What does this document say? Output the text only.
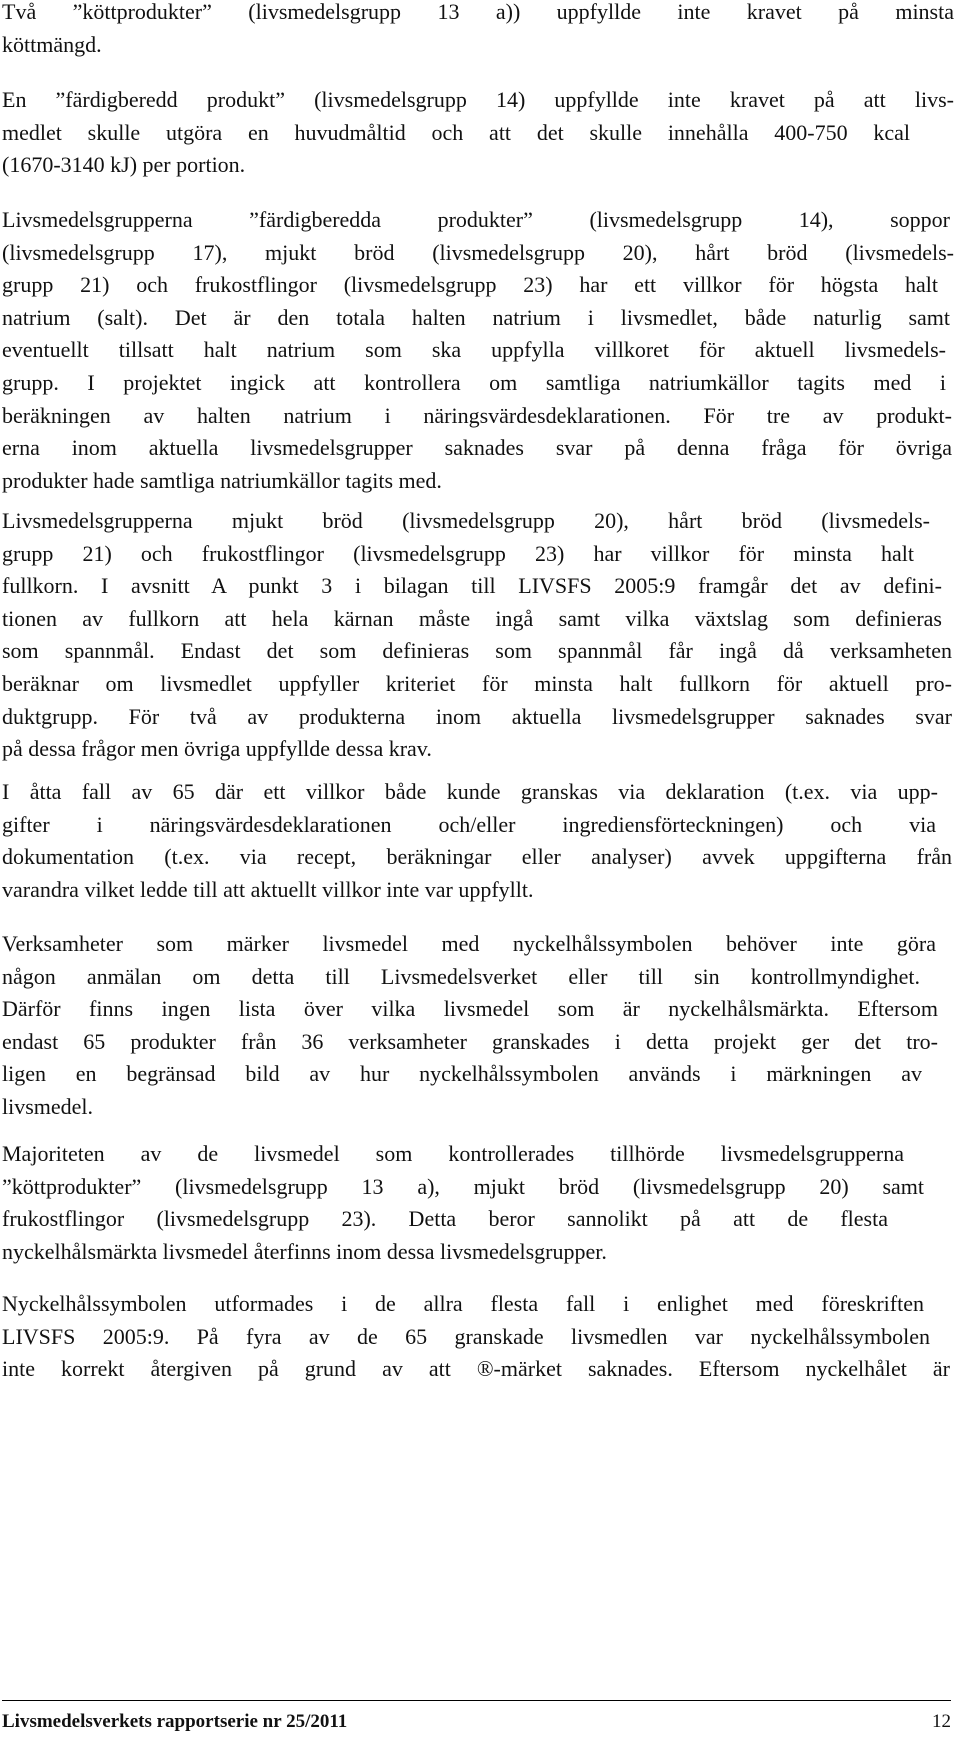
Två ”köttprodukter” (livsmedelsgrupp 13 a)) uppfyllde inte kravet på minsta
köttmängd.

En ”färdigberedd produkt” (livsmedelsgrupp 14) uppfyllde inte kravet på att livs-
medlet skulle utgöra en huvudmåltid och att det skulle innehålla 400-750 kcal
(1670-3140 kJ) per portion.

Livsmedelsgrupperna ”färdigberedda produkter” (livsmedelsgrupp 14), soppor
(livsmedelsgrupp 17), mjukt bröd (livsmedelsgrupp 20), hårt bröd (livsmedels-
grupp 21) och frukostflingor (livsmedelsgrupp 23) har ett villkor för högsta halt
natrium (salt). Det är den totala halten natrium i livsmedlet, både naturlig samt
eventuellt tillsatt halt natrium som ska uppfylla villkoret för aktuell livsmedels-
grupp. I projektet ingick att kontrollera om samtliga natriumkällor tagits med i
beräkningen av halten natrium i näringsvärdesdeklarationen. För tre av produkt-
erna inom aktuella livsmedelsgrupper saknades svar på denna fråga för övriga
produkter hade samtliga natriumkällor tagits med.

Livsmedelsgrupperna mjukt bröd (livsmedelsgrupp 20), hårt bröd (livsmedels-
grupp 21) och frukostflingor (livsmedelsgrupp 23) har villkor för minsta halt
fullkorn. I avsnitt A punkt 3 i bilagan till LIVSFS 2005:9 framgår det av defini-
tionen av fullkorn att hela kärnan måste ingå samt vilka växtslag som definieras
som spannmål. Endast det som definieras som spannmål får ingå då verksamheten
beräknar om livsmedlet uppfyller kriteriet för minsta halt fullkorn för aktuell pro-
duktgrupp. För två av produkterna inom aktuella livsmedelsgrupper saknades svar
på dessa frågor men övriga uppfyllde dessa krav.

I åtta fall av 65 där ett villkor både kunde granskas via deklaration (t.ex. via upp-
gifter i näringsvärdesdeklarationen och/eller ingrediensförteckningen) och via
dokumentation (t.ex. via recept, beräkningar eller analyser) avvek uppgifterna från
varandra vilket ledde till att aktuellt villkor inte var uppfyllt.

Verksamheter som märker livsmedel med nyckelhålssymbolen behöver inte göra
någon anmälan om detta till Livsmedelsverket eller till sin kontrollmyndighet.
Därför finns ingen lista över vilka livsmedel som är nyckelhålsmärkta. Eftersom
endast 65 produkter från 36 verksamheter granskades i detta projekt ger det tro-
ligen en begränsad bild av hur nyckelhålssymbolen används i märkningen av
livsmedel.

Majoriteten av de livsmedel som kontrollerades tillhörde livsmedelsgrupperna
”köttprodukter” (livsmedelsgrupp 13 a), mjukt bröd (livsmedelsgrupp 20) samt
frukostflingor (livsmedelsgrupp 23). Detta beror sannolikt på att de flesta
nyckelhålsmärkta livsmedel återfinns inom dessa livsmedelsgrupper.

Nyckelhålssymbolen utformades i de allra flesta fall i enlighet med föreskriften
LIVSFS 2005:9. På fyra av de 65 granskade livsmedlen var nyckelhålssymbolen
inte korrekt återgiven på grund av att ®-märket saknades. Eftersom nyckelhålet är

Livsmedelsverkets rapportserie nr 25/2011	12
